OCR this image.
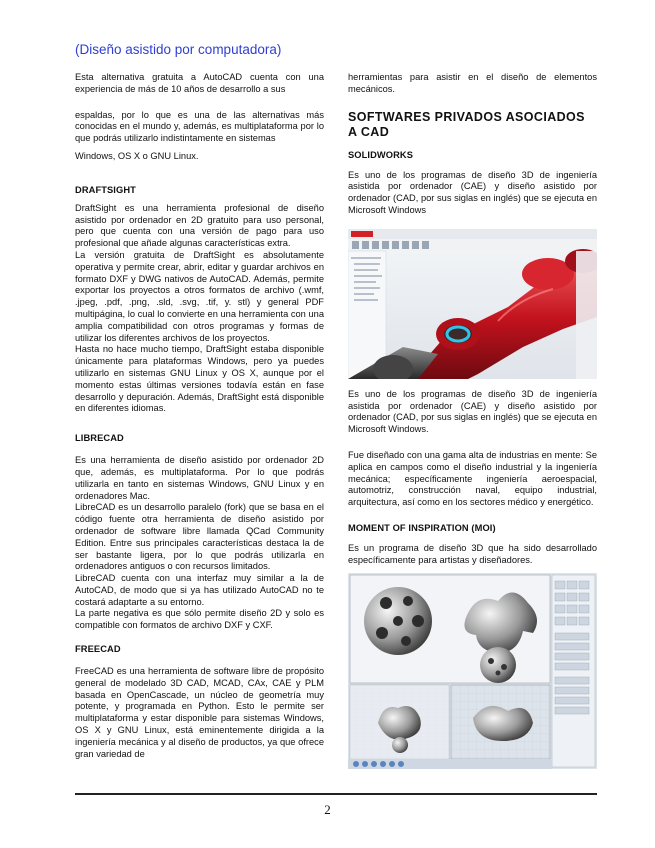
(Diseño asistido por computadora)

Esta alternativa gratuita a AutoCAD cuenta con una experiencia de más de 10 años de desarrollo a sus

espaldas, por lo que es una de las alternativas más conocidas en el mundo y, además, es multiplataforma por lo que podrás utilizarlo indistintamente en sistemas

Windows, OS X o GNU Linux.

DRAFTSIGHT

DraftSight es una herramienta profesional de diseño asistido por ordenador en 2D gratuito para uso personal, pero que cuenta con una versión de pago para uso profesional que añade algunas características extra.

La versión gratuita de DraftSight es absolutamente operativa y permite crear, abrir, editar y guardar archivos en formato DXF y DWG nativos de AutoCAD. Además, permite exportar los proyectos a otros formatos de archivo (.wmf, .jpeg, .pdf, .png, .sld, .svg, .tif, y. stl) y general PDF multipágina, lo cual lo convierte en una herramienta con una amplia compatibilidad con otros programas y formas de utilizar los diferentes archivos de los proyectos.

Hasta no hace mucho tiempo, DraftSight estaba disponible únicamente para plataformas Windows, pero ya puedes utilizarlo en sistemas GNU Linux y OS X, aunque por el momento estas últimas versiones todavía están en fase desarrollo y depuración. Además, DraftSight está disponible en diferentes idiomas.

LIBRECAD

Es una herramienta de diseño asistido por ordenador 2D que, además, es multiplataforma. Por lo que podrás utilizarla en tanto en sistemas Windows, GNU Linux y en ordenadores Mac.

LibreCAD es un desarrollo paralelo (fork) que se basa en el código fuente otra herramienta de diseño asistido por ordenador de software libre llamada QCad Community Edition. Entre sus principales características destaca la de ser bastante ligera, por lo que podrás utilizarla en ordenadores antiguos o con recursos limitados.

LibreCAD cuenta con una interfaz muy similar a la de AutoCAD, de modo que si ya has utilizado AutoCAD no te costará adaptarte a su entorno.

La parte negativa es que sólo permite diseño 2D y solo es compatible con formatos de archivo DXF y CXF.

FREECAD

FreeCAD es una herramienta de software libre de propósito general de modelado 3D CAD, MCAD, CAx, CAE y PLM basada en OpenCascade, un núcleo de geometría muy potente, y programada en Python. Esto le permite ser multiplataforma y estar disponible para sistemas Windows, OS X y GNU Linux, está eminentemente dirigida a la ingeniería mecánica y al diseño de productos, ya que ofrece gran variedad de

herramientas para asistir en el diseño de elementos mecánicos.

SOFTWARES PRIVADOS ASOCIADOS A CAD
SOLIDWORKS

Es uno de los programas de diseño 3D de ingeniería asistida por ordenador (CAE) y diseño asistido por ordenador (CAD, por sus siglas en inglés) que se ejecuta en Microsoft Windows

Es uno de los programas de diseño 3D de ingeniería asistida por ordenador (CAE) y diseño asistido por ordenador (CAD, por sus siglas en inglés) que se ejecuta en Microsoft Windows.

Fue diseñado con una gama alta de industrias en mente: Se aplica en campos como el diseño industrial y la ingeniería mecánica; específicamente ingeniería aeroespacial, automotriz, construcción naval, equipo industrial, arquitectura, así como en los sectores médico y energético.

MOMENT OF INSPIRATION (MOI)

Es un programa de diseño 3D que ha sido desarrollado específicamente para artistas y diseñadores.

2
